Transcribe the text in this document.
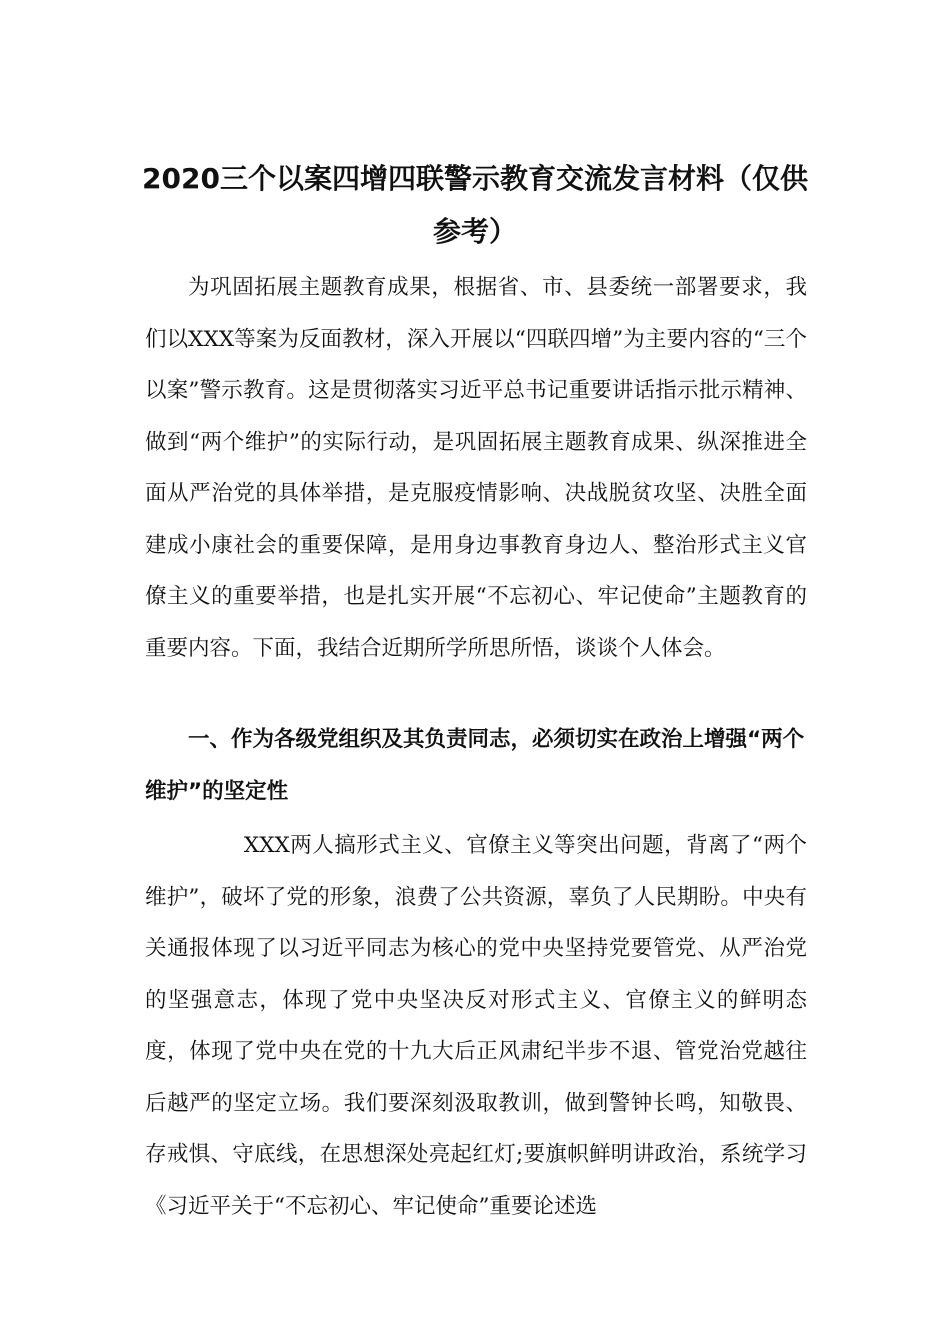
2020三个以案四增四联警示教育交流发言材料（仅供参考）

为巩固拓展主题教育成果，根据省、市、县委统一部署要求，我们以XXX等案为反面教材，深入开展以“四联四增”为主要内容的“三个以案”警示教育。这是贯彻落实习近平总书记重要讲话指示批示精神、做到“两个维护”的实际行动，是巩固拓展主题教育成果、纵深推进全面从严治党的具体举措，是克服疫情影响、决战脱贫攻坚、决胜全面建成小康社会的重要保障，是用身边事教育身边人、整治形式主义官僚主义的重要举措，也是扎实开展“不忘初心、牢记使命”主题教育的重要内容。下面，我结合近期所学所思所悟，谈谈个人体会。

一、作为各级党组织及其负责同志，必须切实在政治上增强“两个维护”的坚定性

XXX两人搞形式主义、官僚主义等突出问题，背离了“两个维护”，破坏了党的形象，浪费了公共资源，辜负了人民期盼。中央有关通报体现了以习近平同志为核心的党中央坚持党要管党、从严治党的坚强意志，体现了党中央坚决反对形式主义、官僚主义的鲜明态度，体现了党中央在党的十九大后正风肃纪半步不退、管党治党越往后越严的坚定立场。我们要深刻汲取教训，做到警钟长鸣，知敬畏、存戒惧、守底线，在思想深处亮起红灯;要旗帜鲜明讲政治，系统学习《习近平关于“不忘初心、牢记使命”重要论述选
